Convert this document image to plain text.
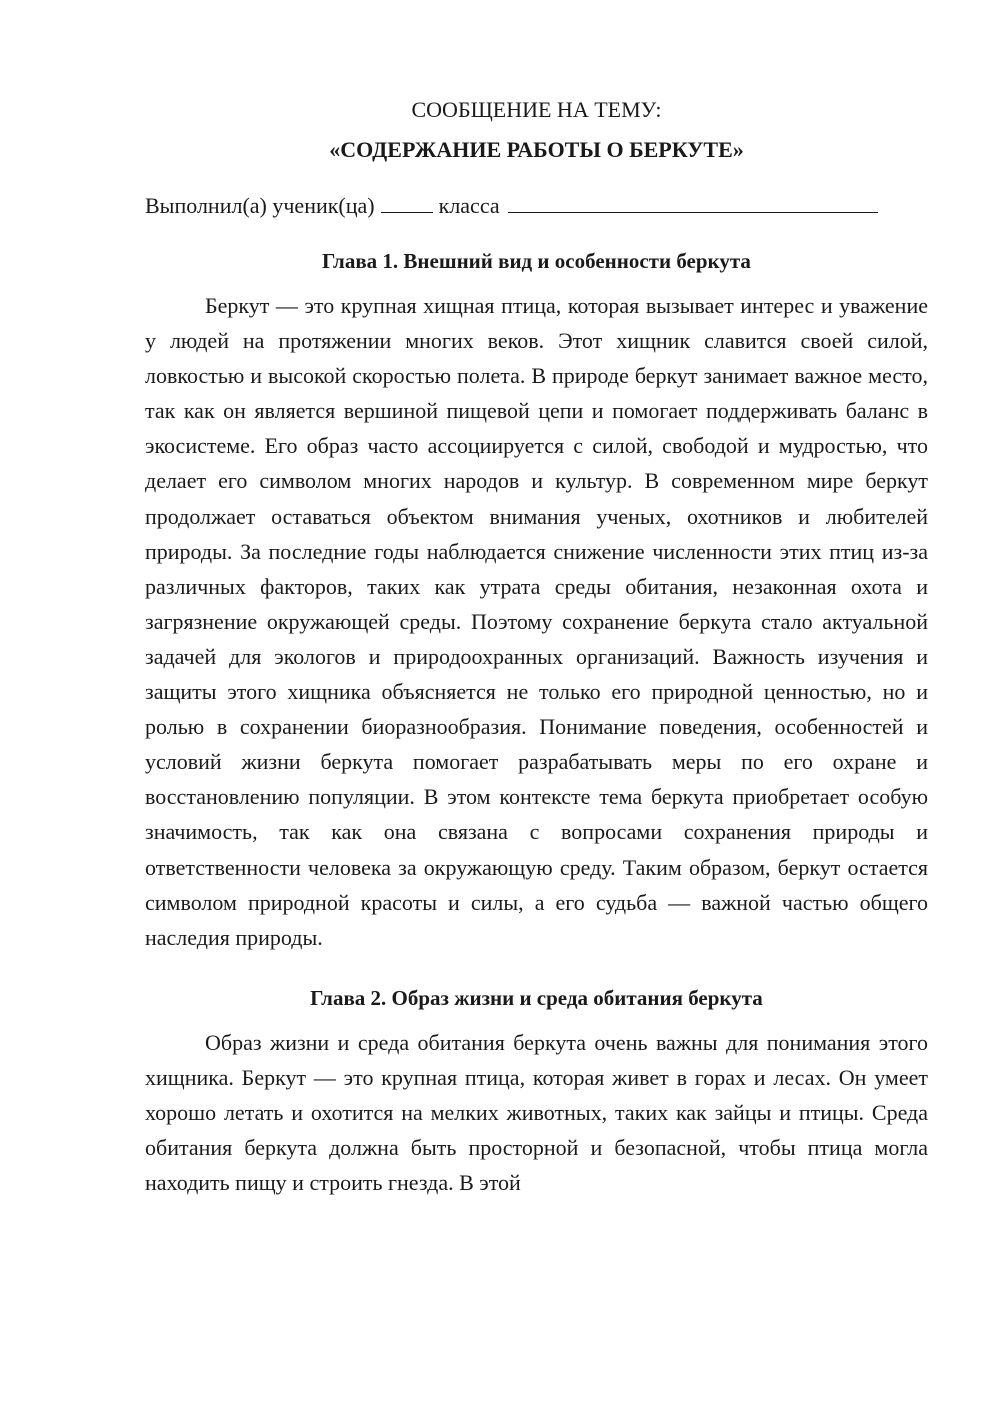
СООБЩЕНИЕ НА ТЕМУ:

«СОДЕРЖАНИЕ РАБОТЫ О БЕРКУТЕ»

Выполнил(а) ученик(ца)	класса
Глава 1. Внешний вид и особенности беркута

Беркут — это крупная хищная птица, которая вызывает интерес и уважение у людей на протяжении многих веков. Этот хищник славится своей силой, ловкостью и высокой скоростью полета. В природе беркут занимает важное место, так как он является вершиной пищевой цепи и помогает поддерживать баланс в экосистеме. Его образ часто ассоциируется с силой, свободой и мудростью, что делает его символом многих народов и культур. В современном мире беркут продолжает оставаться объектом внимания ученых, охотников и любителей природы. За последние годы наблюдается снижение численности этих птиц из-за различных факторов, таких как утрата среды обитания, незаконная охота и загрязнение окружающей среды. Поэтому сохранение беркута стало актуальной задачей для экологов и природоохранных организаций. Важность изучения и защиты этого хищника объясняется не только его природной ценностью, но и ролью в сохранении биоразнообразия. Понимание поведения, особенностей и условий жизни беркута помогает разрабатывать меры по его охране и восстановлению популяции. В этом контексте тема беркута приобретает особую значимость, так как она связана с вопросами сохранения природы и ответственности человека за окружающую среду. Таким образом, беркут остается символом природной красоты и силы, а его судьба — важной частью общего наследия природы.

Глава 2. Образ жизни и среда обитания беркута

Образ жизни и среда обитания беркута очень важны для понимания этого хищника. Беркут — это крупная птица, которая живет в горах и лесах. Он умеет хорошо летать и охотится на мелких животных, таких как зайцы и птицы. Среда обитания беркута должна быть просторной и безопасной, чтобы птица могла находить пищу и строить гнезда. В этой
